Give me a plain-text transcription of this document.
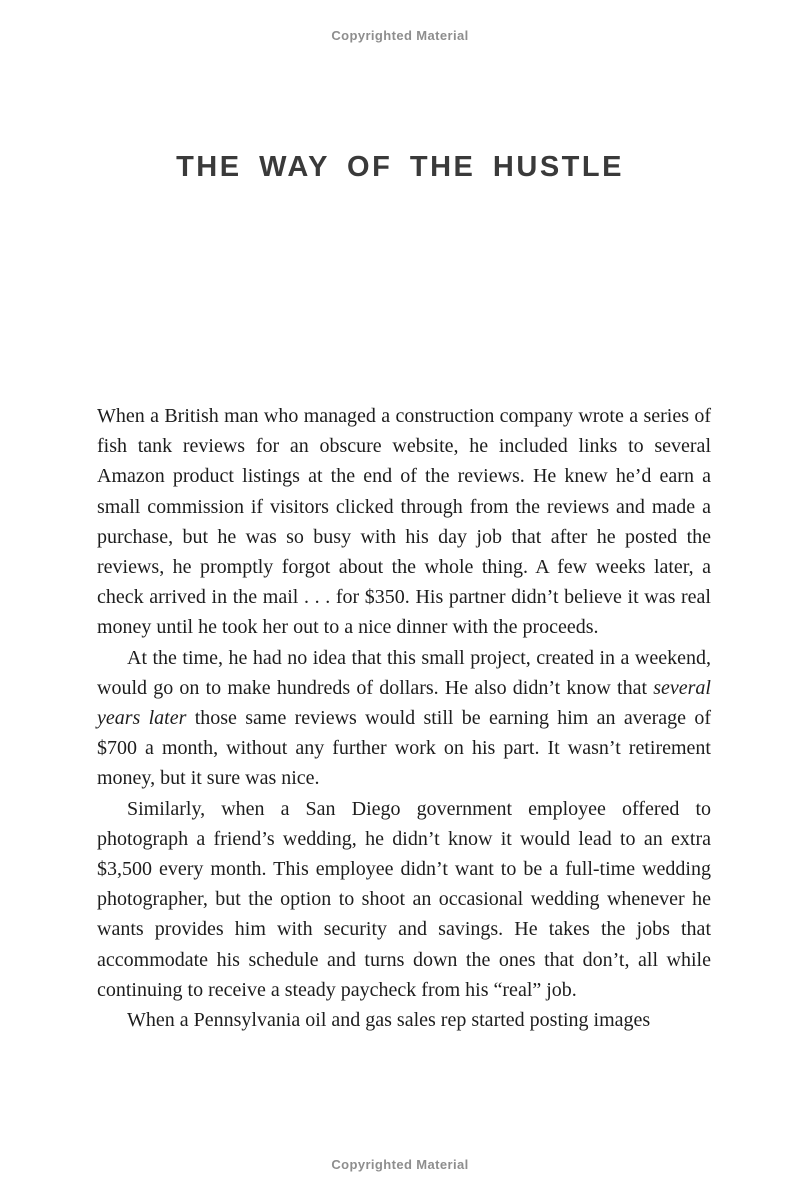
Copyrighted Material
THE WAY OF THE HUSTLE

When a British man who managed a construction company wrote a series of fish tank reviews for an obscure website, he included links to several Amazon product listings at the end of the reviews. He knew he’d earn a small commission if visitors clicked through from the reviews and made a purchase, but he was so busy with his day job that after he posted the reviews, he promptly forgot about the whole thing. A few weeks later, a check arrived in the mail . . . for $350. His partner didn’t believe it was real money until he took her out to a nice dinner with the proceeds.

At the time, he had no idea that this small project, created in a weekend, would go on to make hundreds of dollars. He also didn’t know that several years later those same reviews would still be earning him an average of $700 a month, without any further work on his part. It wasn’t retirement money, but it sure was nice.

Similarly, when a San Diego government employee offered to photograph a friend’s wedding, he didn’t know it would lead to an extra $3,500 every month. This employee didn’t want to be a full-time wedding photographer, but the option to shoot an occasional wedding whenever he wants provides him with security and savings. He takes the jobs that accommodate his schedule and turns down the ones that don’t, all while continuing to receive a steady paycheck from his “real” job.

When a Pennsylvania oil and gas sales rep started posting images

Copyrighted Material
